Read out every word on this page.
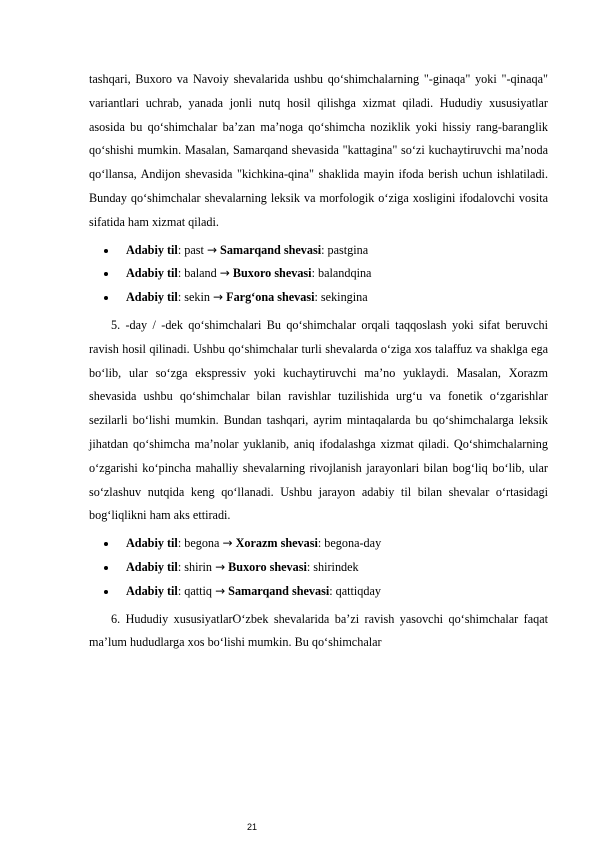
tashqari, Buxoro va Navoiy shevalarida ushbu qo‘shimchalarning "-ginaqa" yoki "-qinaqa" variantlari uchrab, yanada jonli nutq hosil qilishga xizmat qiladi. Hududiy xususiyatlar asosida bu qo‘shimchalar ba’zan ma’noga qo‘shimcha noziklik yoki hissiy rang-baranglik qo‘shishi mumkin. Masalan, Samarqand shevasida "kattagina" so‘zi kuchaytiruvchi ma’noda qo‘llansa, Andijon shevasida "kichkina-qina" shaklida mayin ifoda berish uchun ishlatiladi. Bunday qo‘shimchalar shevalarning leksik va morfologik o‘ziga xosligini ifodalovchi vosita sifatida ham xizmat qiladi.

Adabiy til: past → Samarqand shevasi: pastgina
Adabiy til: baland → Buxoro shevasi: balandqina
Adabiy til: sekin → Farg‘ona shevasi: sekingina

5. -day / -dek qo‘shimchalari Bu qo‘shimchalar orqali taqqoslash yoki sifat beruvchi ravish hosil qilinadi. Ushbu qo‘shimchalar turli shevalarda o‘ziga xos talaffuz va shaklga ega bo‘lib, ular so‘zga ekspressiv yoki kuchaytiruvchi ma’no yuklaydi. Masalan, Xorazm shevasida ushbu qo‘shimchalar bilan ravishlar tuzilishida urg‘u va fonetik o‘zgarishlar sezilarli bo‘lishi mumkin. Bundan tashqari, ayrim mintaqalarda bu qo‘shimchalarga leksik jihatdan qo‘shimcha ma’nolar yuklanib, aniq ifodalashga xizmat qiladi. Qo‘shimchalarning o‘zgarishi ko‘pincha mahalliy shevalarning rivojlanish jarayonlari bilan bog‘liq bo‘lib, ular so‘zlashuv nutqida keng qo‘llanadi. Ushbu jarayon adabiy til bilan shevalar o‘rtasidagi bog‘liqlikni ham aks ettiradi.

Adabiy til: begona → Xorazm shevasi: begona-day
Adabiy til: shirin → Buxoro shevasi: shirindek
Adabiy til: qattiq → Samarqand shevasi: qattiqday

6. Hududiy xususiyatlarO‘zbek shevalarida ba’zi ravish yasovchi qo‘shimchalar faqat ma’lum hududlarga xos bo‘lishi mumkin. Bu qo‘shimchalar

21
